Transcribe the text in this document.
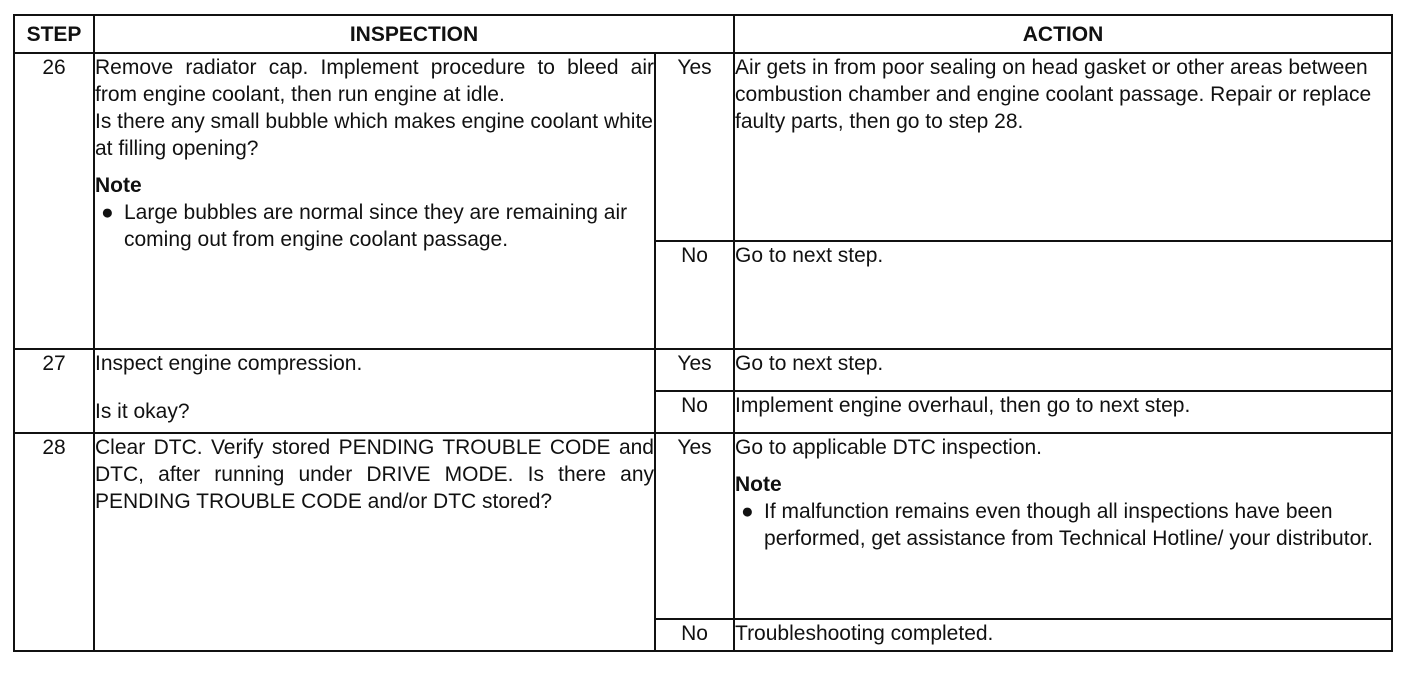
STEP	INSPECTION		ACTION
26	Remove radiator cap. Implement procedure to bleed air from engine coolant, then run engine at idle.
Is there any small bubble which makes engine coolant white at filling opening?
Note
● Large bubbles are normal since they are remaining air coming out from engine coolant passage.	Yes	Air gets in from poor sealing on head gasket or other areas between combustion chamber and engine coolant passage. Repair or replace faulty parts, then go to step 28.
		No	Go to next step.
27	Inspect engine compression.
Is it okay?	Yes	Go to next step.
		No	Implement engine overhaul, then go to next step.
28	Clear DTC. Verify stored PENDING TROUBLE CODE and DTC, after running under DRIVE MODE. Is there any PENDING TROUBLE CODE and/or DTC stored?	Yes	Go to applicable DTC inspection.
Note
● If malfunction remains even though all inspections have been performed, get assistance from Technical Hotline/ your distributor.

		No	Troubleshooting completed.
